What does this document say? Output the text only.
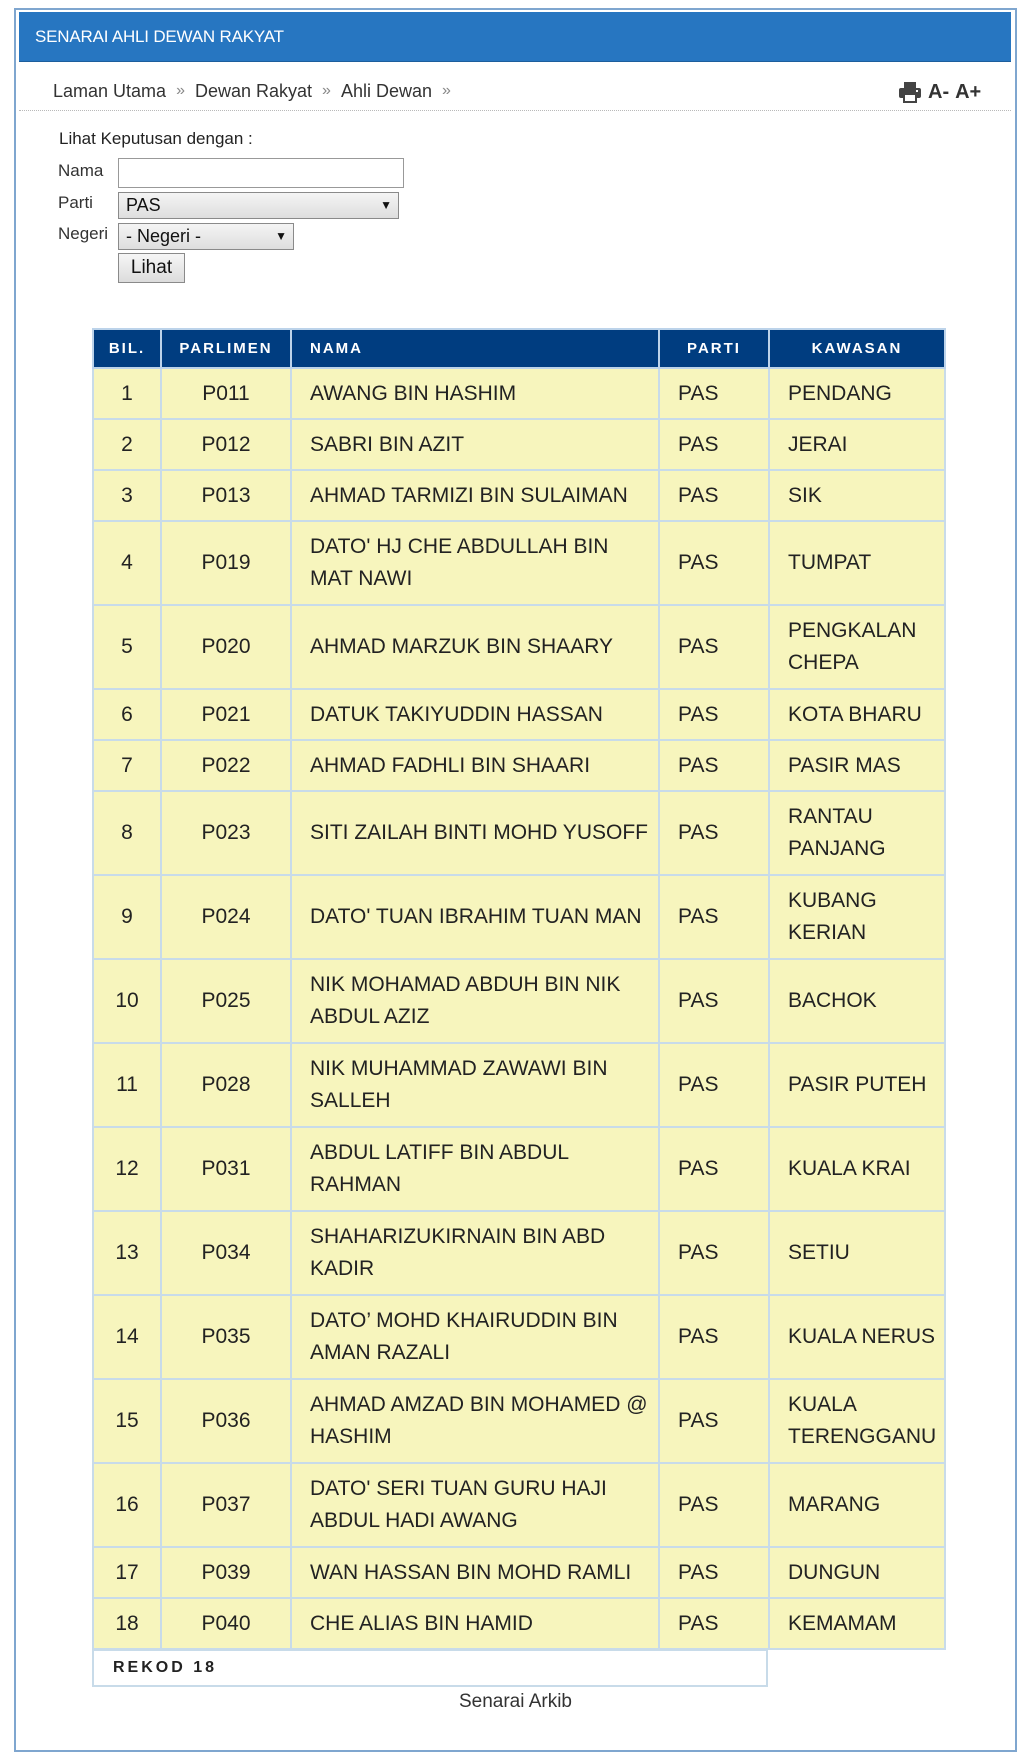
SENARAI AHLI DEWAN RAKYAT
Laman Utama » Dewan Rakyat » Ahli Dewan »	A- A+
Lihat Keputusan dengan :
Nama
Parti	PAS	▼
Negeri - Negeri -	▼
Lihat
BIL.	PARLIMEN	NAMA	PARTI	KAWASAN
1	P011	AWANG BIN HASHIM	PAS	PENDANG
2	P012	SABRI BIN AZIT	PAS	JERAI
3	P013	AHMAD TARMIZI BIN SULAIMAN	PAS	SIK
4	P019	DATO' HJ CHE ABDULLAH BIN MAT NAWI	PAS	TUMPAT
5	P020	AHMAD MARZUK BIN SHAARY	PAS	PENGKALAN CHEPA
6	P021	DATUK TAKIYUDDIN HASSAN	PAS	KOTA BHARU
7	P022	AHMAD FADHLI BIN SHAARI	PAS	PASIR MAS
8	P023	SITI ZAILAH BINTI MOHD YUSOFF	PAS	RANTAU PANJANG
9	P024	DATO' TUAN IBRAHIM TUAN MAN	PAS	KUBANG KERIAN
10	P025	NIK MOHAMAD ABDUH BIN NIK ABDUL AZIZ	PAS	BACHOK
11	P028	NIK MUHAMMAD ZAWAWI BIN SALLEH	PAS	PASIR PUTEH
12	P031	ABDUL LATIFF BIN ABDUL RAHMAN	PAS	KUALA KRAI
13	P034	SHAHARIZUKIRNAIN BIN ABD KADIR	PAS	SETIU
14	P035	DATO’ MOHD KHAIRUDDIN BIN AMAN RAZALI	PAS	KUALA NERUS
15	P036	AHMAD AMZAD BIN MOHAMED @ HASHIM	PAS	KUALA TERENGGANU
16	P037	DATO' SERI TUAN GURU HAJI ABDUL HADI AWANG	PAS	MARANG
17	P039	WAN HASSAN BIN MOHD RAMLI	PAS	DUNGUN
18	P040	CHE ALIAS BIN HAMID	PAS	KEMAMAM
REKOD 18
Senarai Arkib
